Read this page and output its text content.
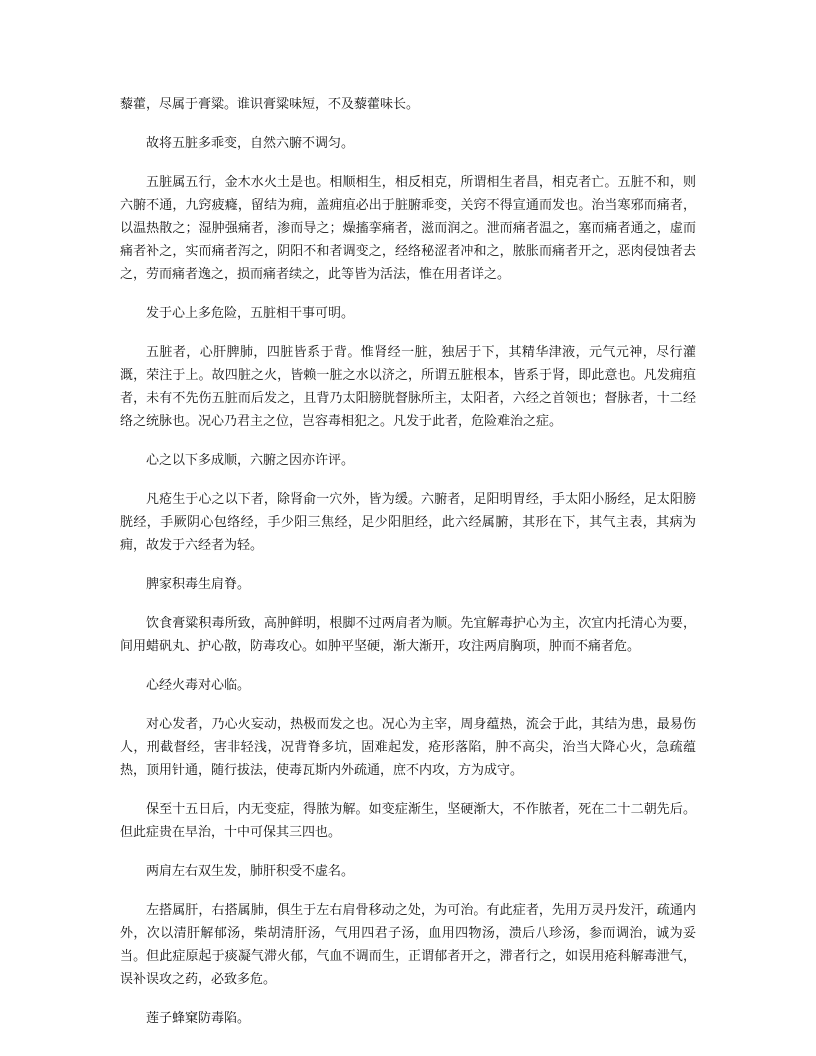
藜藿，尽属于膏粱。谁识膏粱味短，不及藜藿味长。

故将五脏多乖变，自然六腑不调匀。

五脏属五行，金木水火土是也。相顺相生，相反相克，所谓相生者昌，相克者亡。五脏不和，则六腑不通，九窍疲癃，留结为痈，盖痈疽必出于脏腑乖变，关窍不得宣通而发也。治当寒邪而痛者，以温热散之；湿肿强痛者，渗而导之；燥搐挛痛者，滋而润之。泄而痛者温之，塞而痛者通之，虚而痛者补之，实而痛者泻之，阴阳不和者调变之，经络秘涩者冲和之，脓胀而痛者开之，恶肉侵蚀者去之，劳而痛者逸之，损而痛者续之，此等皆为活法，惟在用者详之。

发于心上多危险，五脏相干事可明。

五脏者，心肝脾肺，四脏皆系于背。惟肾经一脏，独居于下，其精华津液，元气元神，尽行灌溉，荣注于上。故四脏之火，皆赖一脏之水以济之，所谓五脏根本，皆系于肾，即此意也。凡发痈疽者，未有不先伤五脏而后发之，且背乃太阳膀胱督脉所主，太阳者，六经之首领也；督脉者，十二经络之统脉也。况心乃君主之位，岂容毒相犯之。凡发于此者，危险难治之症。

心之以下多成顺，六腑之因亦许评。

凡疮生于心之以下者，除肾俞一穴外，皆为缓。六腑者，足阳明胃经，手太阳小肠经，足太阳膀胱经，手厥阴心包络经，手少阳三焦经，足少阳胆经，此六经属腑，其形在下，其气主表，其病为痈，故发于六经者为轻。

脾家积毒生肩脊。

饮食膏粱积毒所致，高肿鲜明，根脚不过两肩者为顺。先宜解毒护心为主，次宜内托清心为要，间用蜡矾丸、护心散，防毒攻心。如肿平坚硬，渐大渐开，攻注两肩胸项，肿而不痛者危。

心经火毒对心临。

对心发者，乃心火妄动，热极而发之也。况心为主宰，周身蕴热，流会于此，其结为患，最易伤人，刑截督经，害非轻浅，况背脊多坑，固难起发，疮形落陷，肿不高尖，治当大降心火，急疏蕴热，顶用针通，随行拔法，使毒瓦斯内外疏通，庶不内攻，方为成守。

保至十五日后，内无变症，得脓为解。如变症渐生，坚硬渐大，不作脓者，死在二十二朝先后。但此症贵在早治，十中可保其三四也。

两肩左右双生发，肺肝积受不虚名。

左搭属肝，右搭属肺，俱生于左右肩骨移动之处，为可治。有此症者，先用万灵丹发汗，疏通内外，次以清肝解郁汤，柴胡清肝汤，气用四君子汤，血用四物汤，溃后八珍汤，参而调治，诚为妥当。但此症原起于痰凝气滞火郁，气血不调而生，正谓郁者开之，滞者行之，如误用疮科解毒泄气，误补误攻之药，必致多危。

莲子蜂窠防毒陷。
